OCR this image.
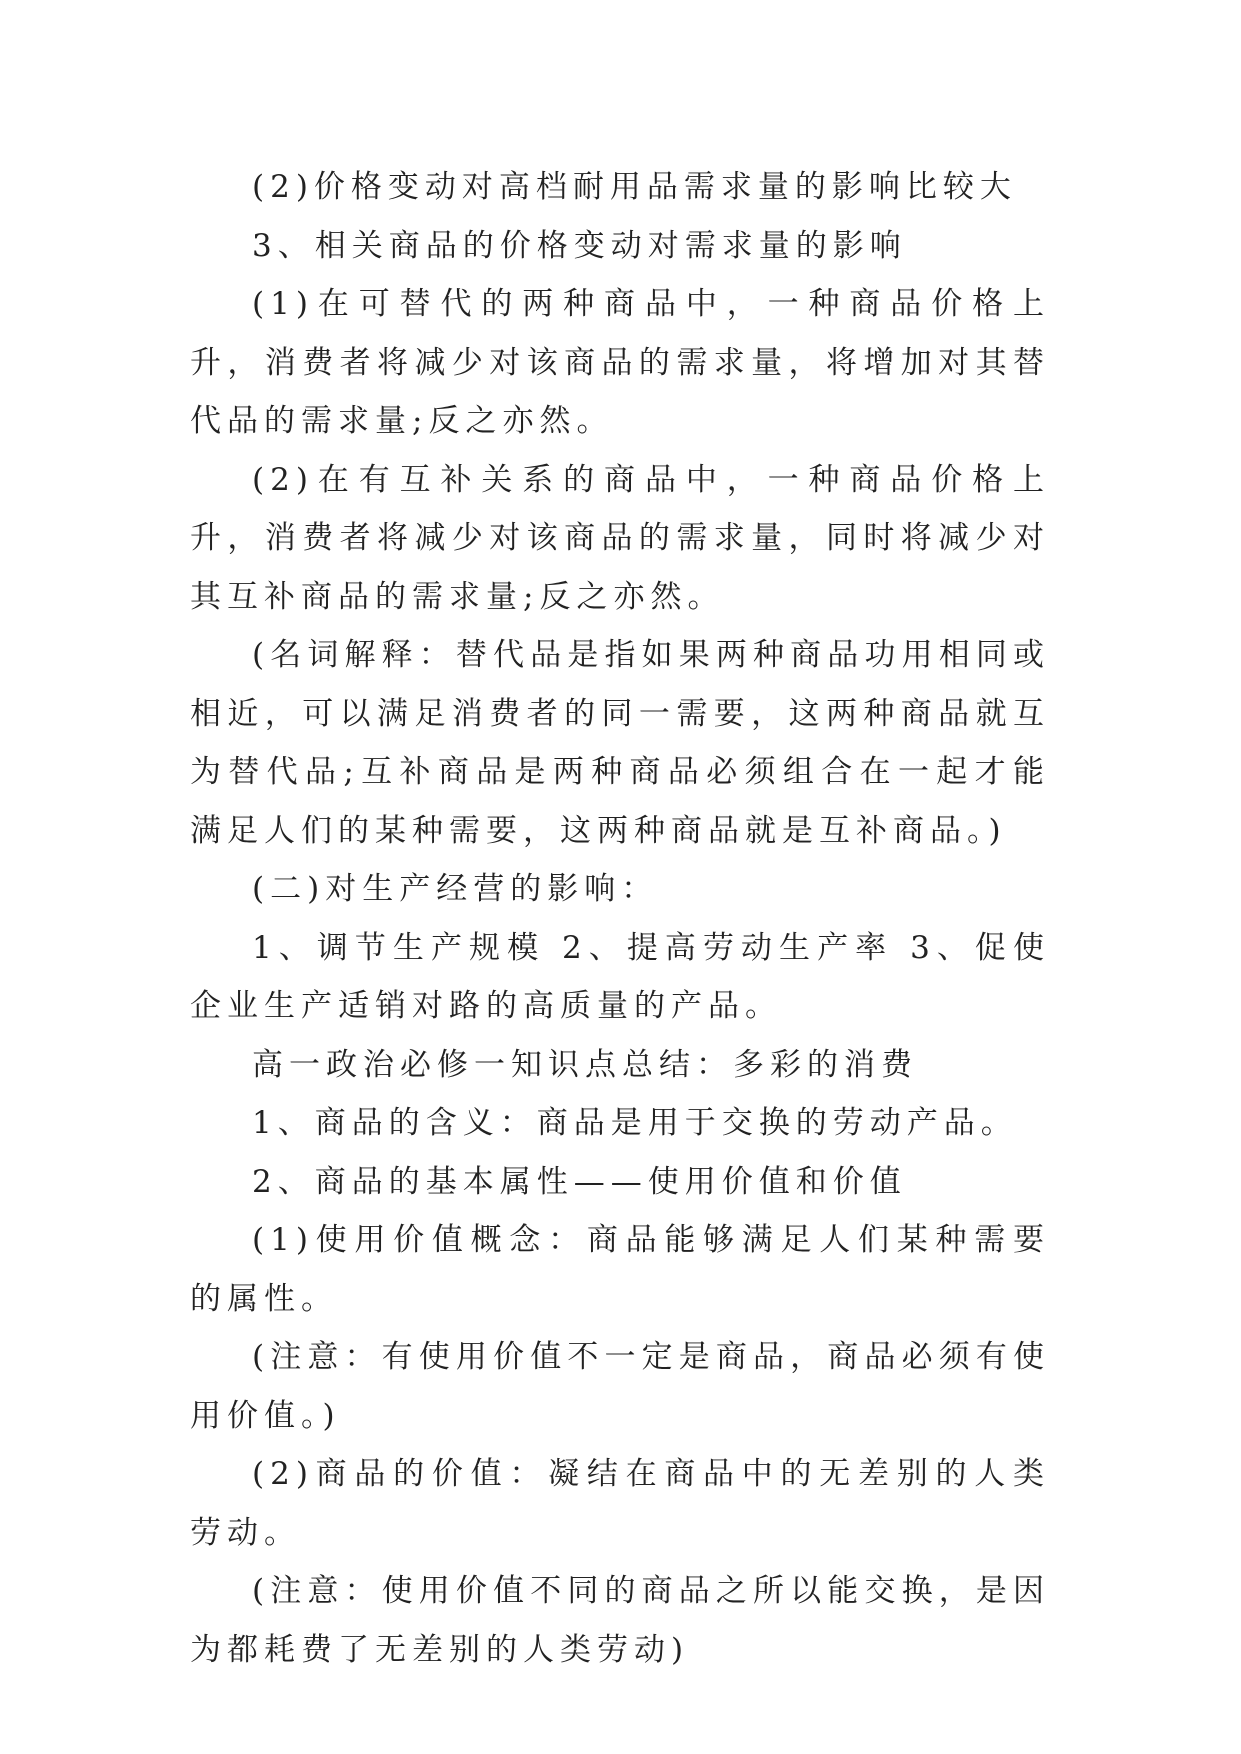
(2)价格变动对高档耐用品需求量的影响比较大

3、相关商品的价格变动对需求量的影响

(1)在可替代的两种商品中，一种商品价格上升，消费者将减少对该商品的需求量，将增加对其替代品的需求量;反之亦然。

(2)在有互补关系的商品中，一种商品价格上升，消费者将减少对该商品的需求量，同时将减少对其互补商品的需求量;反之亦然。

(名词解释：替代品是指如果两种商品功用相同或相近，可以满足消费者的同一需要，这两种商品就互为替代品;互补商品是两种商品必须组合在一起才能满足人们的某种需要，这两种商品就是互补商品。)

(二)对生产经营的影响：

1、调节生产规模 2、提高劳动生产率 3、促使企业生产适销对路的高质量的产品。

高一政治必修一知识点总结：多彩的消费

1、商品的含义：商品是用于交换的劳动产品。

2、商品的基本属性——使用价值和价值

(1)使用价值概念：商品能够满足人们某种需要的属性。

(注意：有使用价值不一定是商品，商品必须有使用价值。)

(2)商品的价值：凝结在商品中的无差别的人类劳动。

(注意：使用价值不同的商品之所以能交换，是因为都耗费了无差别的人类劳动)
